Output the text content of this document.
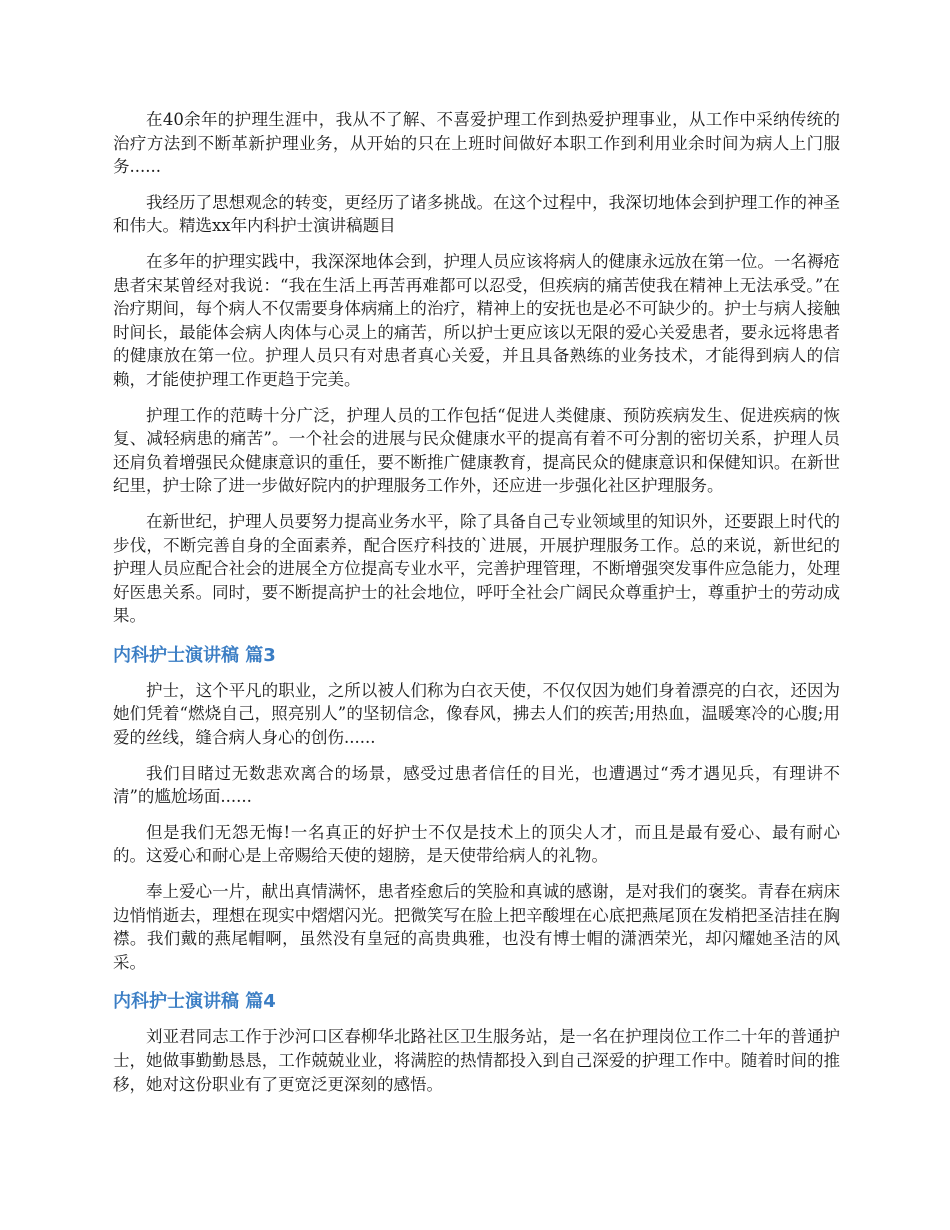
在40余年的护理生涯中，我从不了解、不喜爱护理工作到热爱护理事业，从工作中采纳传统的治疗方法到不断革新护理业务，从开始的只在上班时间做好本职工作到利用业余时间为病人上门服务......

我经历了思想观念的转变，更经历了诸多挑战。在这个过程中，我深切地体会到护理工作的神圣和伟大。精选xx年内科护士演讲稿题目

在多年的护理实践中，我深深地体会到，护理人员应该将病人的健康永远放在第一位。一名褥疮患者宋某曾经对我说：“我在生活上再苦再难都可以忍受，但疾病的痛苦使我在精神上无法承受。”在治疗期间，每个病人不仅需要身体病痛上的治疗，精神上的安抚也是必不可缺少的。护士与病人接触时间长，最能体会病人肉体与心灵上的痛苦，所以护士更应该以无限的爱心关爱患者，要永远将患者的健康放在第一位。护理人员只有对患者真心关爱，并且具备熟练的业务技术，才能得到病人的信赖，才能使护理工作更趋于完美。

护理工作的范畴十分广泛，护理人员的工作包括“促进人类健康、预防疾病发生、促进疾病的恢复、减轻病患的痛苦”。一个社会的进展与民众健康水平的提高有着不可分割的密切关系，护理人员还肩负着增强民众健康意识的重任，要不断推广健康教育，提高民众的健康意识和保健知识。在新世纪里，护士除了进一步做好院内的护理服务工作外，还应进一步强化社区护理服务。

在新世纪，护理人员要努力提高业务水平，除了具备自己专业领域里的知识外，还要跟上时代的步伐，不断完善自身的全面素养，配合医疗科技的`进展，开展护理服务工作。总的来说，新世纪的护理人员应配合社会的进展全方位提高专业水平，完善护理管理，不断增强突发事件应急能力，处理好医患关系。同时，要不断提高护士的社会地位，呼吁全社会广阔民众尊重护士，尊重护士的劳动成果。

内科护士演讲稿 篇3

护士，这个平凡的职业，之所以被人们称为白衣天使，不仅仅因为她们身着漂亮的白衣，还因为她们凭着“燃烧自己，照亮别人”的坚韧信念，像春风，拂去人们的疾苦;用热血，温暖寒冷的心腹;用爱的丝线，缝合病人身心的创伤......

我们目睹过无数悲欢离合的场景，感受过患者信任的目光，也遭遇过“秀才遇见兵，有理讲不清”的尴尬场面......

但是我们无怨无悔!一名真正的好护士不仅是技术上的顶尖人才，而且是最有爱心、最有耐心的。这爱心和耐心是上帝赐给天使的翅膀，是天使带给病人的礼物。

奉上爱心一片，献出真情满怀，患者痊愈后的笑脸和真诚的感谢，是对我们的褒奖。青春在病床边悄悄逝去，理想在现实中熠熠闪光。把微笑写在脸上把辛酸埋在心底把燕尾顶在发梢把圣洁挂在胸襟。我们戴的燕尾帽啊，虽然没有皇冠的高贵典雅，也没有博士帽的潇洒荣光，却闪耀她圣洁的风采。

内科护士演讲稿 篇4

刘亚君同志工作于沙河口区春柳华北路社区卫生服务站，是一名在护理岗位工作二十年的普通护士，她做事勤勤恳恳，工作兢兢业业，将满腔的热情都投入到自己深爱的护理工作中。随着时间的推移，她对这份职业有了更宽泛更深刻的感悟。
